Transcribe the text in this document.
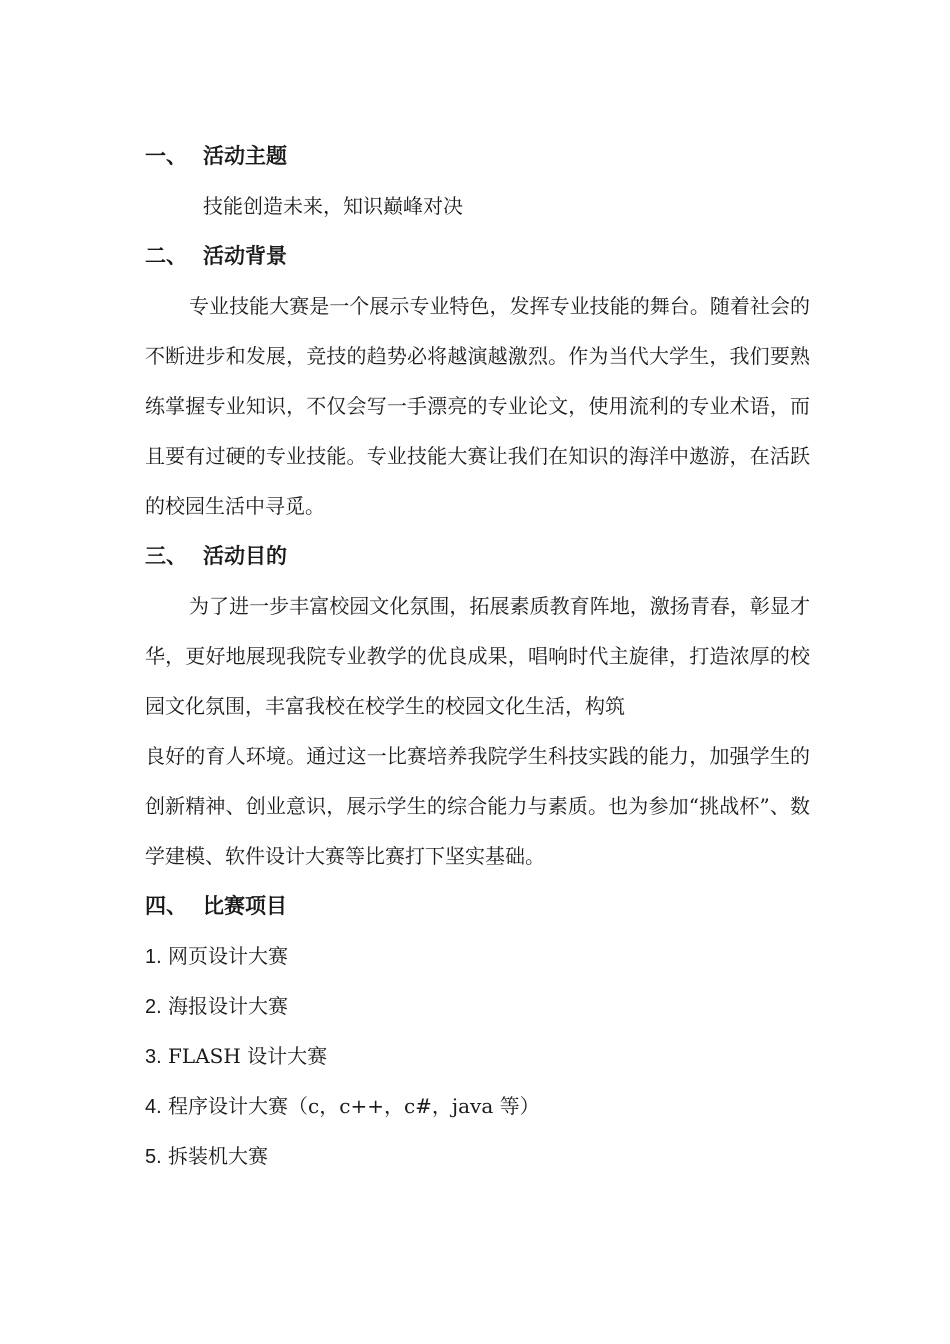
一、 活动主题
技能创造未来，知识巅峰对决
二、 活动背景

专业技能大赛是一个展示专业特色，发挥专业技能的舞台。随着社会的不断进步和发展，竞技的趋势必将越演越激烈。作为当代大学生，我们要熟练掌握专业知识，不仅会写一手漂亮的专业论文，使用流利的专业术语，而且要有过硬的专业技能。专业技能大赛让我们在知识的海洋中遨游，在活跃的校园生活中寻觅。

三、 活动目的

为了进一步丰富校园文化氛围，拓展素质教育阵地，激扬青春，彰显才华，更好地展现我院专业教学的优良成果，唱响时代主旋律，打造浓厚的校园文化氛围，丰富我校在校学生的校园文化生活，构筑

良好的育人环境。通过这一比赛培养我院学生科技实践的能力，加强学生的创新精神、创业意识，展示学生的综合能力与素质。也为参加“挑战杯”、数学建模、软件设计大赛等比赛打下坚实基础。

四、 比赛项目
1. 网页设计大赛
2. 海报设计大赛
3. FLASH 设计大赛
4. 程序设计大赛（c，c++，c#，java 等）
5. 拆装机大赛
